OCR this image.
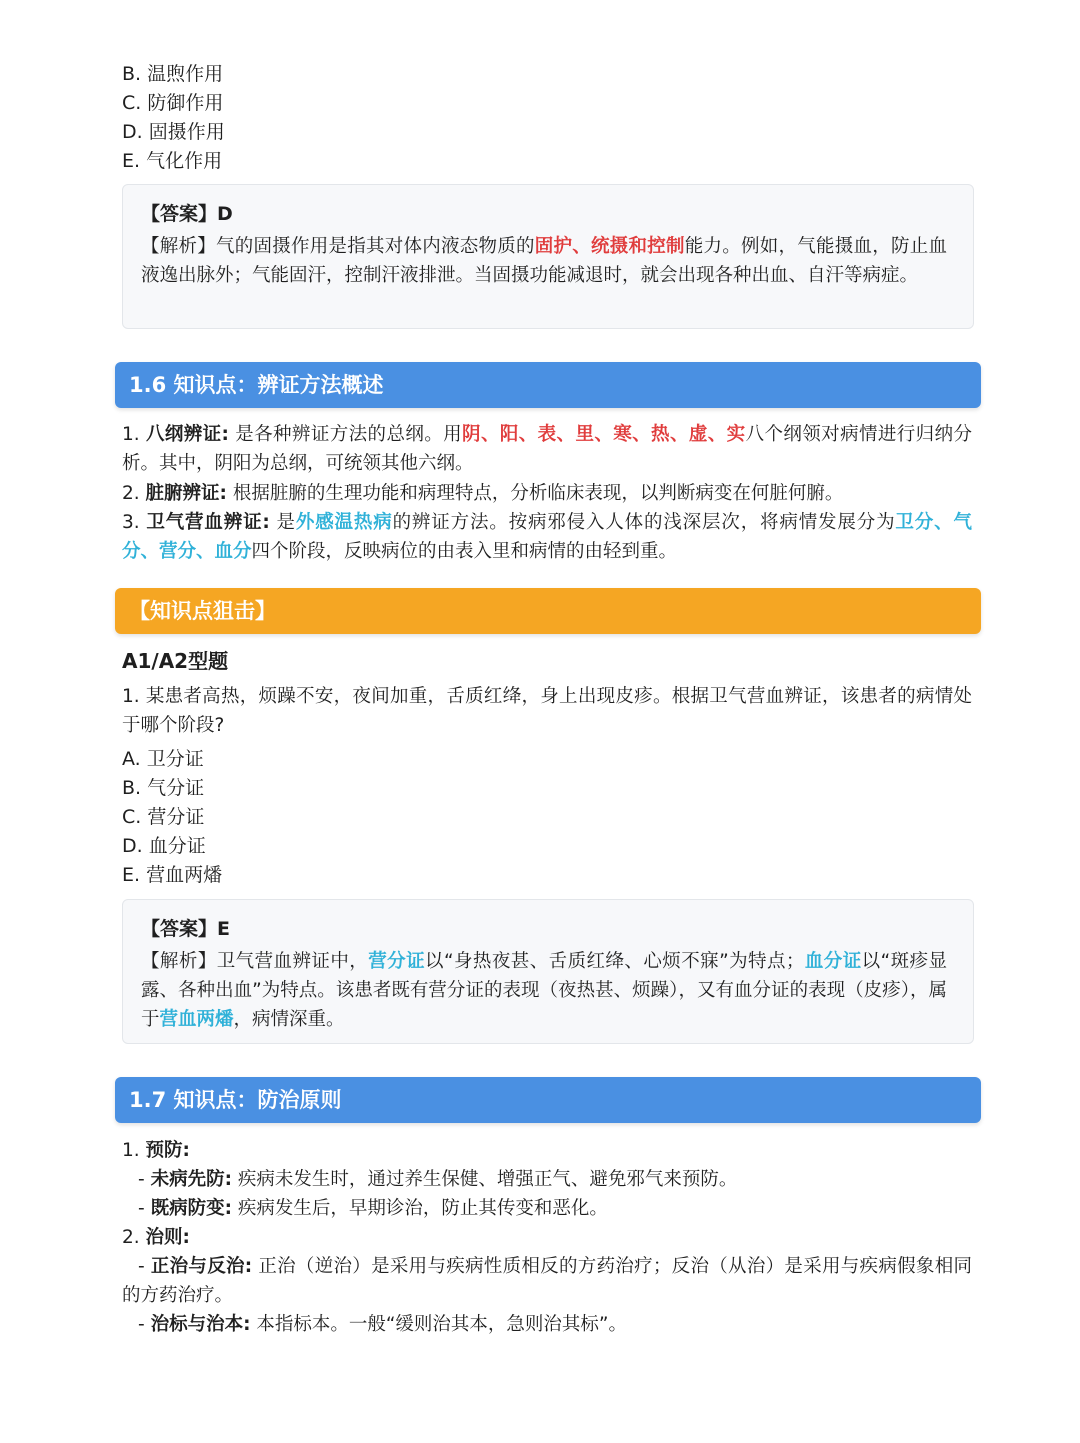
B. 温煦作用
C. 防御作用
D. 固摄作用
E. 气化作用
【答案】D
【解析】气的固摄作用是指其对体内液态物质的固护、统摄和控制能力。例如，气能摄血，防止血液逸出脉外；气能固汗，控制汗液排泄。当固摄功能减退时，就会出现各种出血、自汗等病症。
1.6 知识点：辨证方法概述
1. 八纲辨证: 是各种辨证方法的总纲。用阴、阳、表、里、寒、热、虚、实八个纲领对病情进行归纳分析。其中，阴阳为总纲，可统领其他六纲。
2. 脏腑辨证: 根据脏腑的生理功能和病理特点，分析临床表现，以判断病变在何脏何腑。
3. 卫气营血辨证: 是外感温热病的辨证方法。按病邪侵入人体的浅深层次，将病情发展分为卫分、气分、营分、血分四个阶段，反映病位的由表入里和病情的由轻到重。
【知识点狙击】
A1/A2型题
1. 某患者高热，烦躁不安，夜间加重，舌质红绛，身上出现皮疹。根据卫气营血辨证，该患者的病情处于哪个阶段?
A. 卫分证
B. 气分证
C. 营分证
D. 血分证
E. 营血两燔
【答案】E
【解析】卫气营血辨证中，营分证以“身热夜甚、舌质红绛、心烦不寐”为特点；血分证以“斑疹显露、各种出血”为特点。该患者既有营分证的表现（夜热甚、烦躁），又有血分证的表现（皮疹），属于营血两燔，病情深重。
1.7 知识点：防治原则
1. 预防:
- 未病先防: 疾病未发生时，通过养生保健、增强正气、避免邪气来预防。
- 既病防变: 疾病发生后，早期诊治，防止其传变和恶化。
2. 治则:
- 正治与反治: 正治（逆治）是采用与疾病性质相反的方药治疗；反治（从治）是采用与疾病假象相同的方药治疗。
- 治标与治本: 本指标本。一般“缓则治其本，急则治其标”。
